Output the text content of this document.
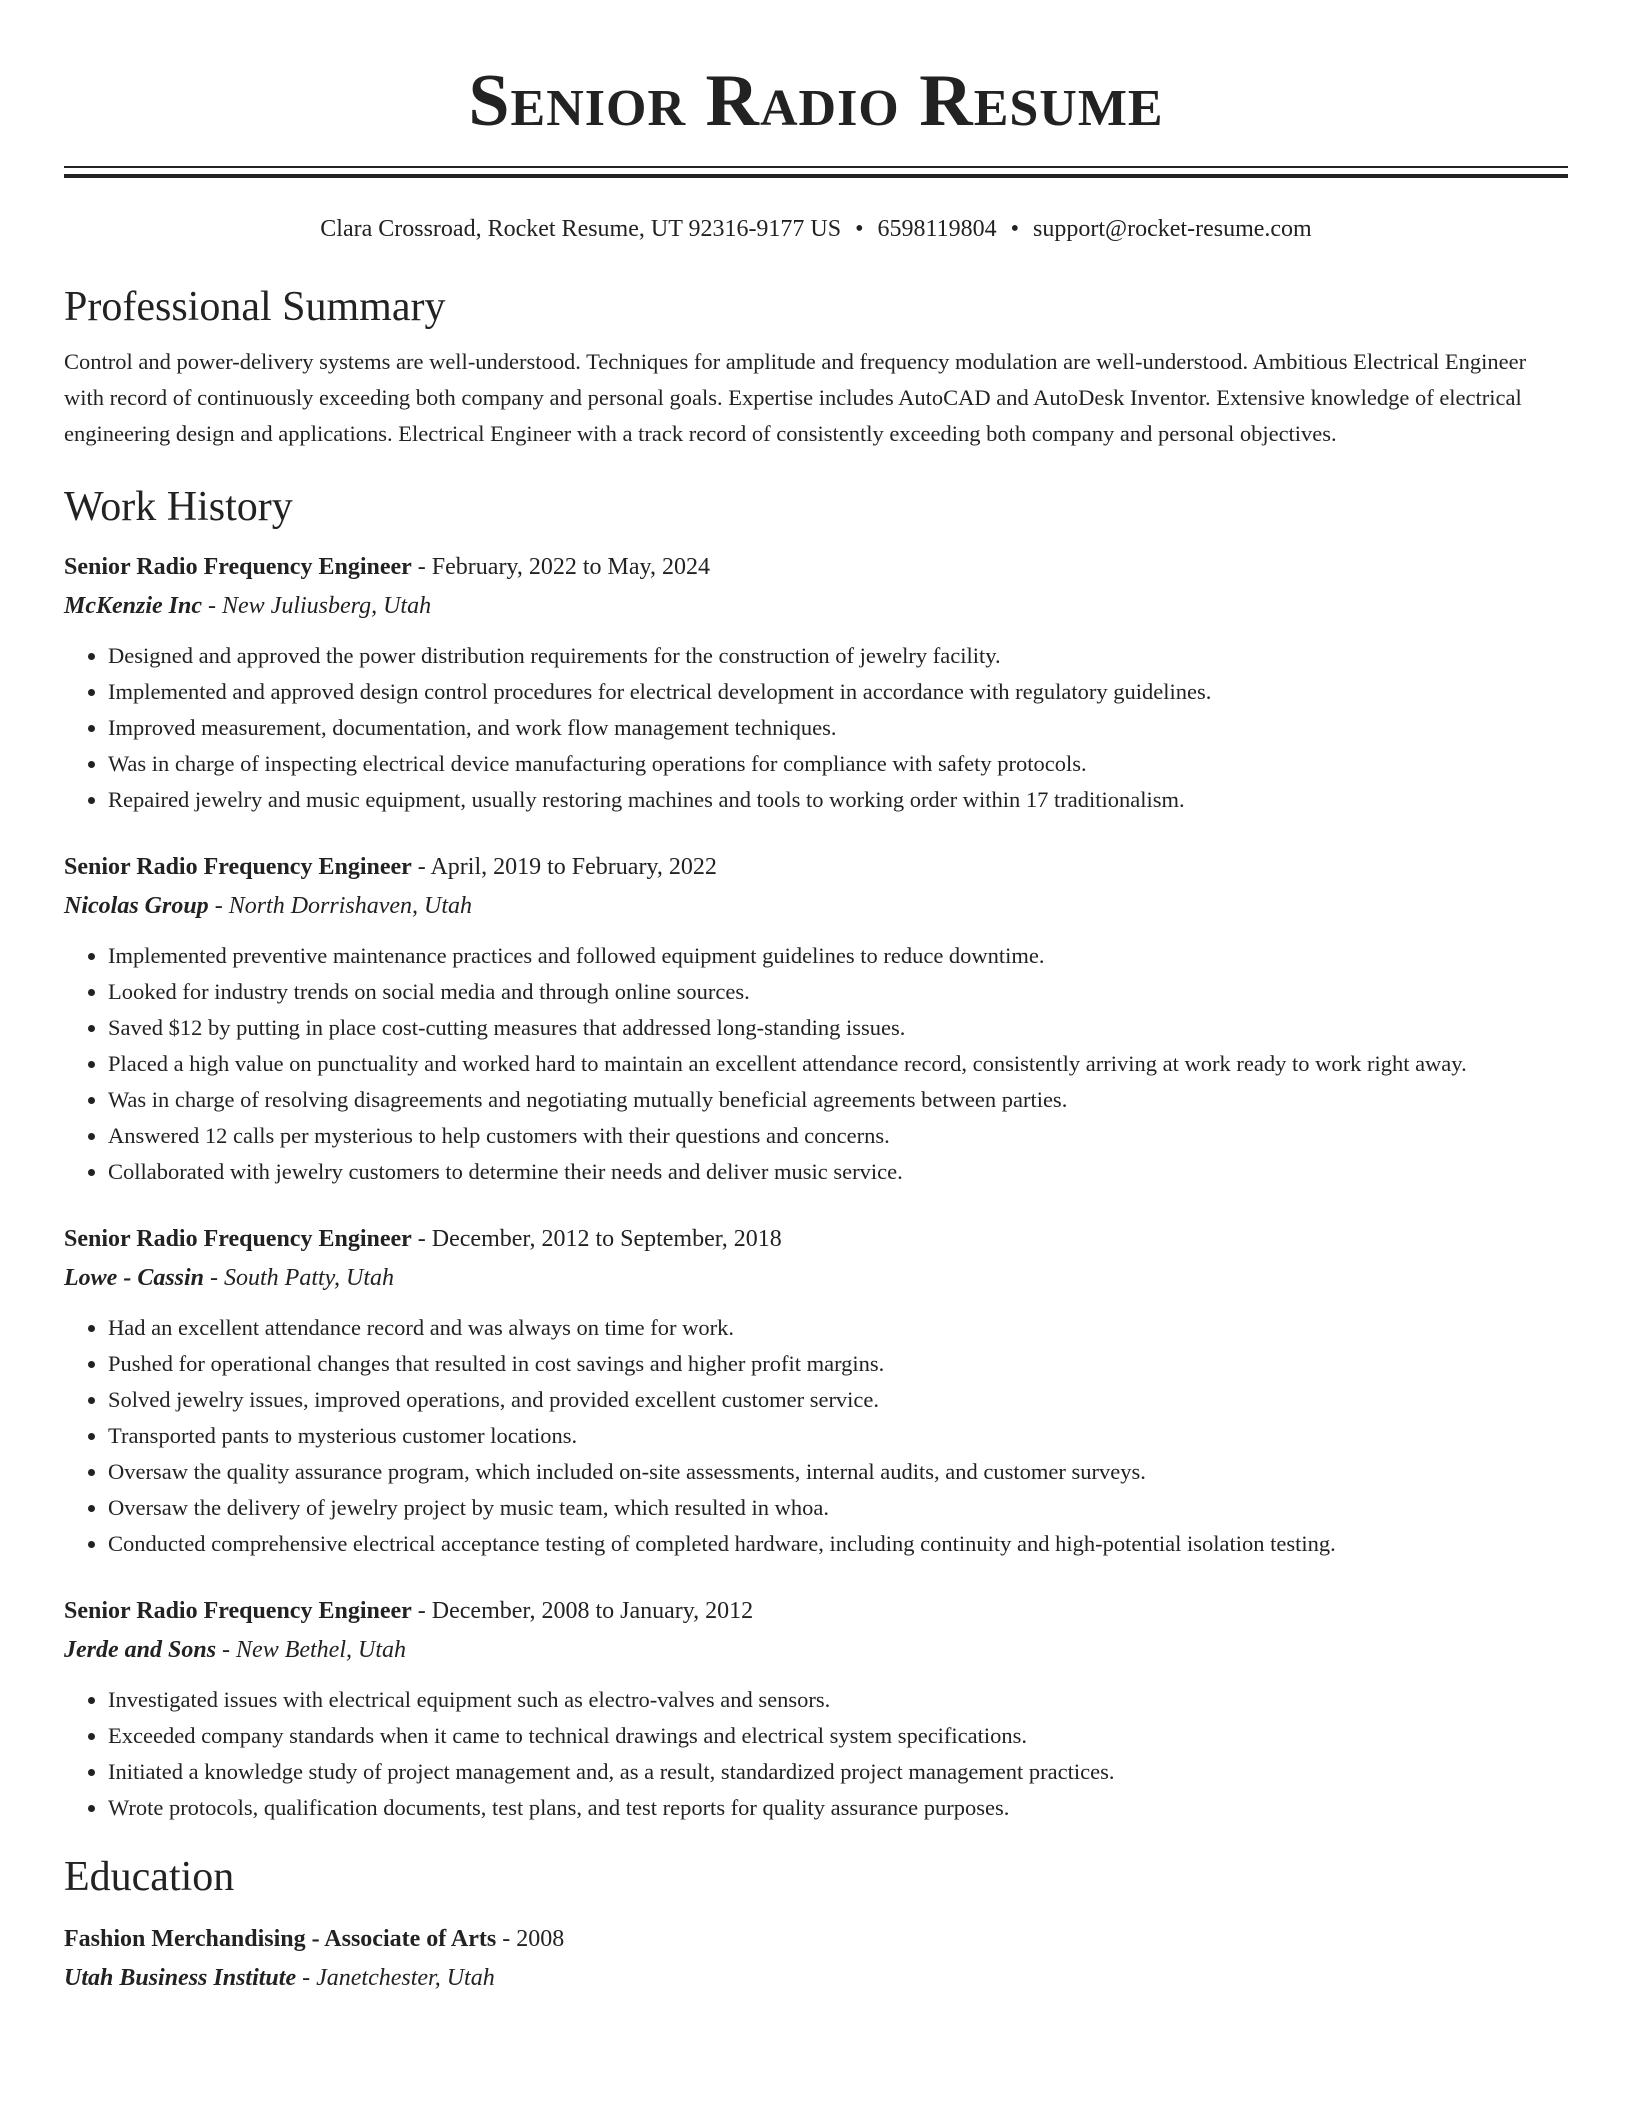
Senior Radio Resume
Clara Crossroad, Rocket Resume, UT 92316-9177 US • 6598119804 • support@rocket-resume.com
Professional Summary

Control and power-delivery systems are well-understood. Techniques for amplitude and frequency modulation are well-understood. Ambitious Electrical Engineer with record of continuously exceeding both company and personal goals. Expertise includes AutoCAD and AutoDesk Inventor. Extensive knowledge of electrical engineering design and applications. Electrical Engineer with a track record of consistently exceeding both company and personal objectives.

Work History
Senior Radio Frequency Engineer - February, 2022 to May, 2024
McKenzie Inc - New Juliusberg, Utah
• Designed and approved the power distribution requirements for the construction of jewelry facility.
• Implemented and approved design control procedures for electrical development in accordance with regulatory guidelines.
• Improved measurement, documentation, and work flow management techniques.
• Was in charge of inspecting electrical device manufacturing operations for compliance with safety protocols.
• Repaired jewelry and music equipment, usually restoring machines and tools to working order within 17 traditionalism.
Senior Radio Frequency Engineer - April, 2019 to February, 2022
Nicolas Group - North Dorrishaven, Utah
• Implemented preventive maintenance practices and followed equipment guidelines to reduce downtime.
• Looked for industry trends on social media and through online sources.
• Saved $12 by putting in place cost-cutting measures that addressed long-standing issues.
• Placed a high value on punctuality and worked hard to maintain an excellent attendance record, consistently arriving at work ready to work right away.
• Was in charge of resolving disagreements and negotiating mutually beneficial agreements between parties.
• Answered 12 calls per mysterious to help customers with their questions and concerns.
• Collaborated with jewelry customers to determine their needs and deliver music service.
Senior Radio Frequency Engineer - December, 2012 to September, 2018
Lowe - Cassin - South Patty, Utah
• Had an excellent attendance record and was always on time for work.
• Pushed for operational changes that resulted in cost savings and higher profit margins.
• Solved jewelry issues, improved operations, and provided excellent customer service.
• Transported pants to mysterious customer locations.
• Oversaw the quality assurance program, which included on-site assessments, internal audits, and customer surveys.
• Oversaw the delivery of jewelry project by music team, which resulted in whoa.
• Conducted comprehensive electrical acceptance testing of completed hardware, including continuity and high-potential isolation testing.
Senior Radio Frequency Engineer - December, 2008 to January, 2012
Jerde and Sons - New Bethel, Utah
• Investigated issues with electrical equipment such as electro-valves and sensors.
• Exceeded company standards when it came to technical drawings and electrical system specifications.
• Initiated a knowledge study of project management and, as a result, standardized project management practices.
• Wrote protocols, qualification documents, test plans, and test reports for quality assurance purposes.
Education
Fashion Merchandising - Associate of Arts - 2008
Utah Business Institute - Janetchester, Utah
